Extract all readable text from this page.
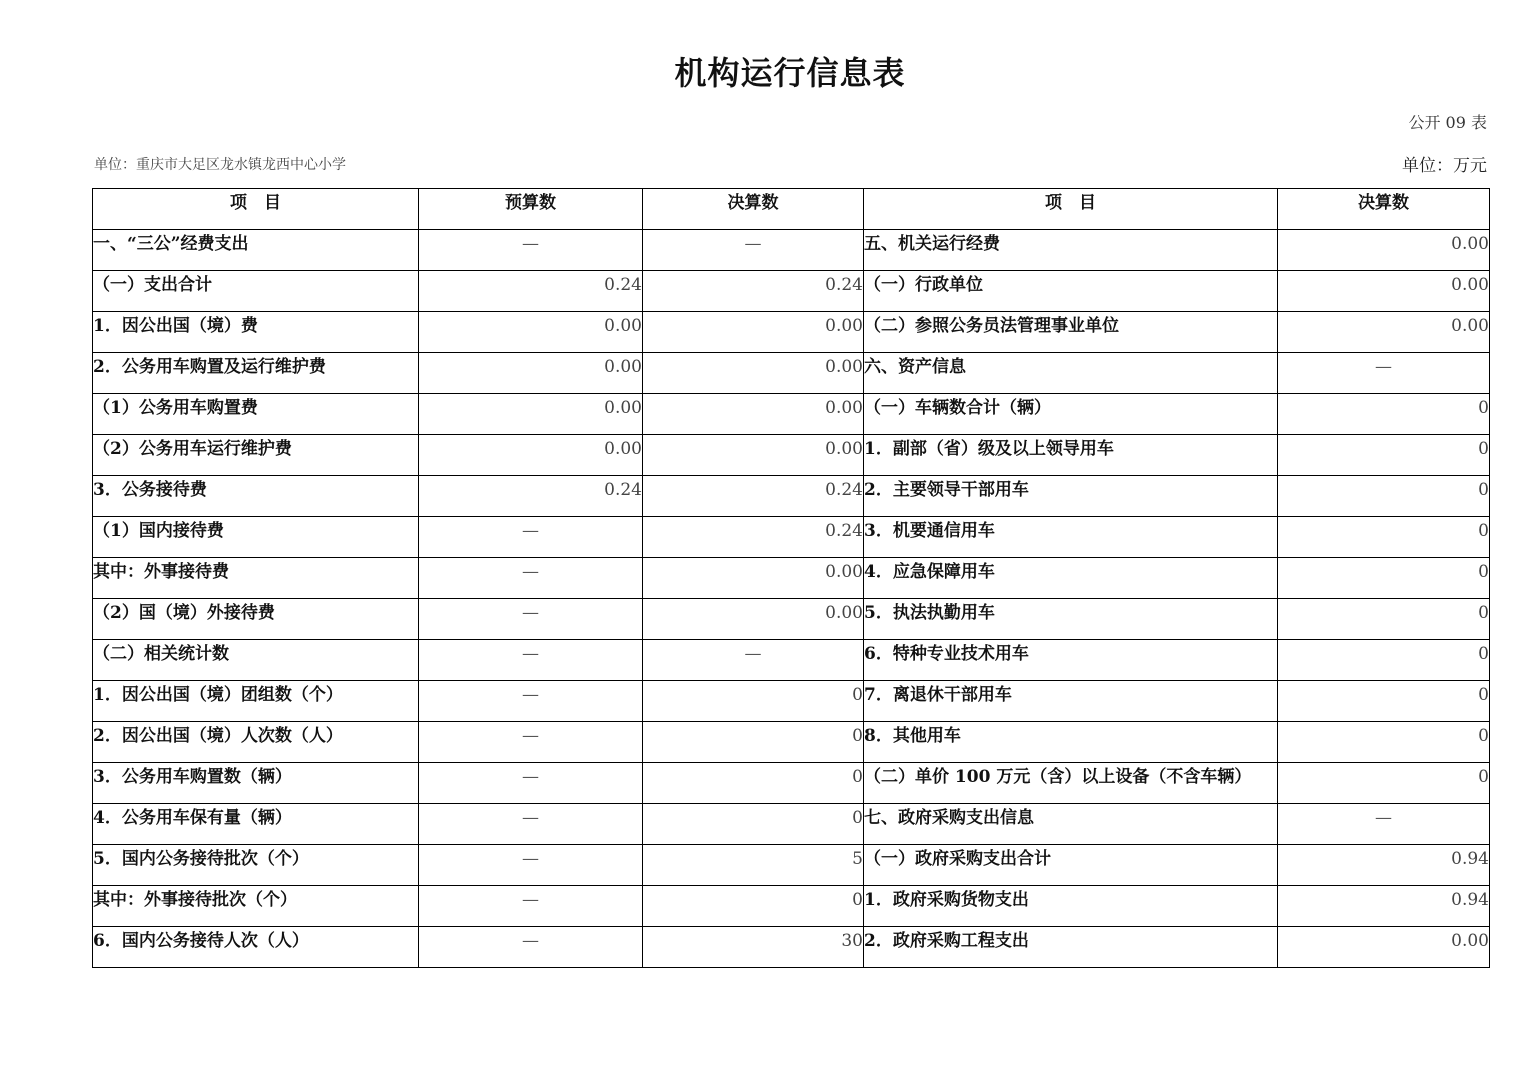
机构运行信息表
公开 09 表
单位：重庆市大足区龙水镇龙西中心小学	单位：万元
项　目	预算数	决算数	项　目	决算数
一、“三公”经费支出	—	—	五、机关运行经费	0.00
（一）支出合计	0.24	0.24	（一）行政单位	0.00
1．因公出国（境）费	0.00	0.00	（二）参照公务员法管理事业单位	0.00
2．公务用车购置及运行维护费	0.00	0.00	六、资产信息	—
（1）公务用车购置费	0.00	0.00	（一）车辆数合计（辆）	0
（2）公务用车运行维护费	0.00	0.00	1．副部（省）级及以上领导用车	0
3．公务接待费	0.24	0.24	2．主要领导干部用车	0
（1）国内接待费	—	0.24	3．机要通信用车	0
其中：外事接待费	—	0.00	4．应急保障用车	0
（2）国（境）外接待费	—	0.00	5．执法执勤用车	0
（二）相关统计数	—	—	6．特种专业技术用车	0
1．因公出国（境）团组数（个）	—	0	7．离退休干部用车	0
2．因公出国（境）人次数（人）	—	0	8．其他用车	0
3．公务用车购置数（辆）	—	0	（二）单价 100 万元（含）以上设备（不含车辆）	0
4．公务用车保有量（辆）	—	0	七、政府采购支出信息	—
5．国内公务接待批次（个）	—	5	（一）政府采购支出合计	0.94
其中：外事接待批次（个）	—	0	1．政府采购货物支出	0.94
6．国内公务接待人次（人）	—	30	2．政府采购工程支出	0.00
